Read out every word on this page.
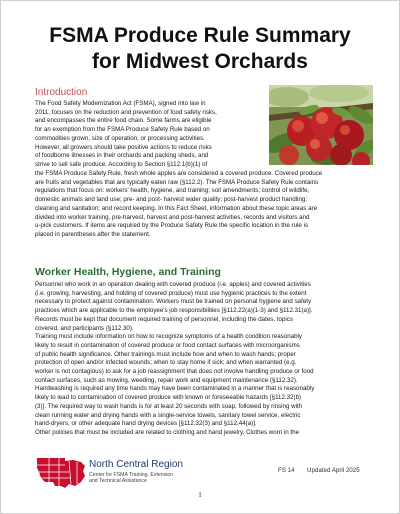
FSMA Produce Rule Summary
for Midwest Orchards
Introduction
The Food Safety Modernization Act (FSMA), signed into law in
2011, focuses on the reduction and prevention of food safety risks,
and encompasses the entire food chain. Some farms are eligible
for an exemption from the FSMA Produce Safety Rule based on
commodities grown, size of operation, or processing activities.
However, all growers should take positive actions to reduce risks
of foodborne illnesses in their orchards and packing sheds, and
strive to sell safe produce. According to Section §112.1(b)(1) of
the FSMA Produce Safety Rule, fresh whole apples are considered a covered produce. Covered produce
are fruits and vegetables that are typically eaten raw (§112.2). The FSMA Produce Safety Rule contains
regulations that focus on: workers' health, hygiene, and training; soil amendments; control of wildlife,
domestic animals and land use; pre- and post- harvest water quality; post-harvest product handling;
cleaning and sanitation; and record keeping. In this Fact Sheet, information about these topic areas are
divided into worker training, pre-harvest, harvest and post-harvest activities, records and visitors and
u-pick customers. If items are required by the Produce Safety Rule the specific location in the rule is
placed in parentheses after the statement.
Worker Health, Hygiene, and Training
Personnel who work in an operation dealing with covered produce (i.e. apples) and covered activities
(i.e. growing, harvesting, and holding of covered produce) must use hygienic practices to the extent
necessary to protect against contamination. Workers must be trained on personal hygiene and safety
practices which are applicable to the employee's job responsibilities [§112.22(a)(1-3) and §112.31(a)].
Records must be kept that document required training of personnel, including the dates, topics
covered, and participants (§112.30).
Training must include information on how to recognize symptoms of a health condition reasonably
likely to result in contamination of covered produce or food contact surfaces with microorganisms
of public health significance. Other trainings must include how and when to wash hands; proper
protection of open and/or infected wounds; when to stay home if sick; and when warranted (e.g.
worker is not contagious) to ask for a job reassignment that does not involve handling produce or food
contact surfaces, such as mowing, weeding, repair work and equipment maintenance (§112.32).
Handwashing is required any time hands may have been contaminated in a manner that is reasonably
likely to lead to contamination of covered produce with known or foreseeable hazards [§112.32(b)
(3)]. The required way to wash hands is for at least 20 seconds with soap, followed by rinsing with
clean running water and drying hands with a single-service towels, sanitary towel service, electric
hand-dryers, or other adequate hand drying devices [§112.32(3) and §112.44(a)].
Other policies that must be included are related to clothing and hand jewelry. Clothes worn in the
North Central Region
Center for FSMA Training, Extension
and Technical Assistance
FS 14 Updated April 2025
1
